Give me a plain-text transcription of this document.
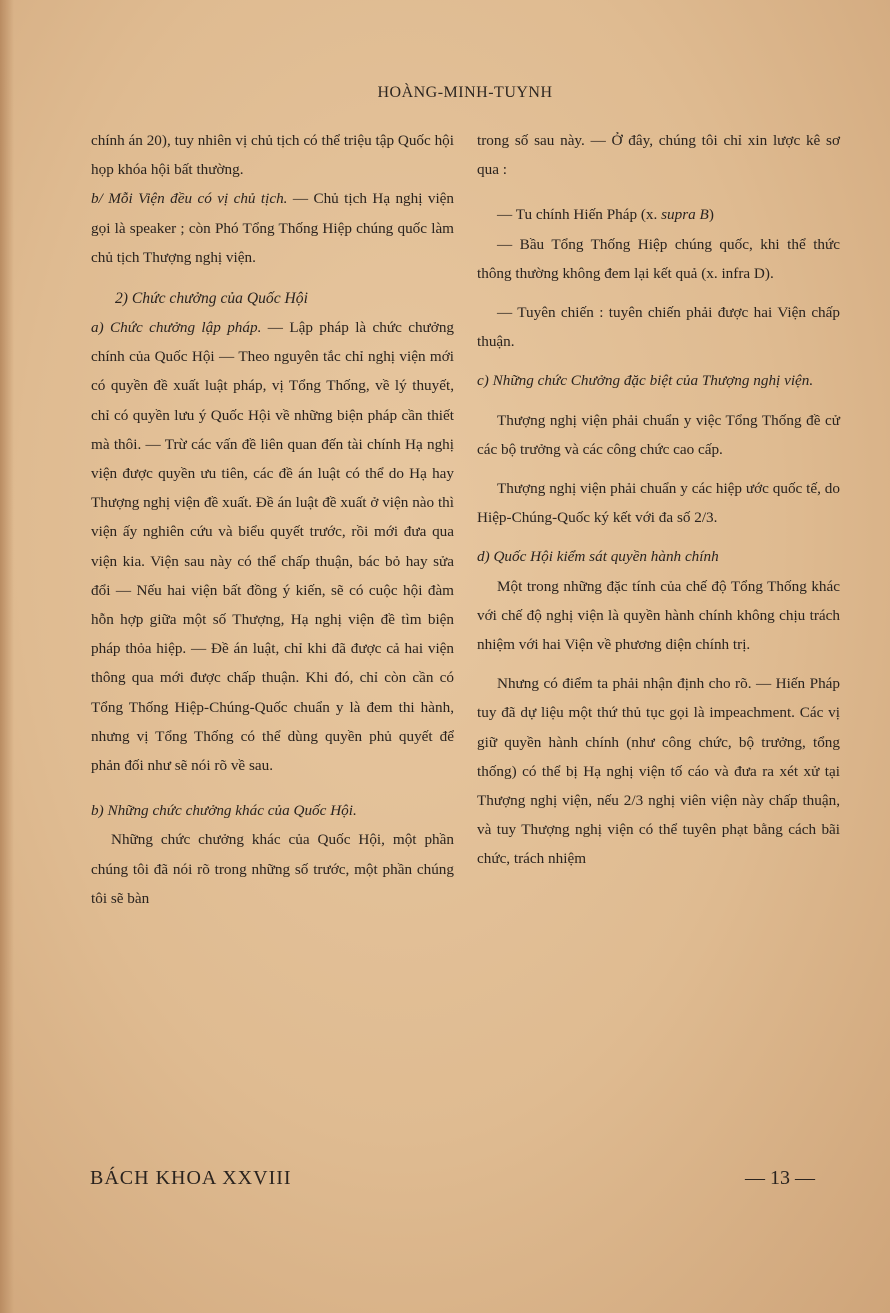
HOÀNG-MINH-TUYNH

chính án 20), tuy nhiên vị chủ tịch có thể triệu tập Quốc hội họp khóa hội bất thường.

b/ Mỗi Viện đều có vị chủ tịch. — Chủ tịch Hạ nghị viện gọi là speaker ; còn Phó Tổng Thống Hiệp chúng quốc làm chủ tịch Thượng nghị viện.

2) Chức chưởng của Quốc Hội

a) Chức chưởng lập pháp. — Lập pháp là chức chưởng chính của Quốc Hội — Theo nguyên tắc chỉ nghị viện mới có quyền đề xuất luật pháp, vị Tổng Thống, về lý thuyết, chỉ có quyền lưu ý Quốc Hội về những biện pháp cần thiết mà thôi. — Trừ các vấn đề liên quan đến tài chính Hạ nghị viện được quyền ưu tiên, các đề án luật có thể do Hạ hay Thượng nghị viện đề xuất. Đề án luật đề xuất ở viện nào thì viện ấy nghiên cứu và biểu quyết trước, rồi mới đưa qua viện kia. Viện sau này có thể chấp thuận, bác bỏ hay sửa đổi — Nếu hai viện bất đồng ý kiến, sẽ có cuộc hội đàm hỗn hợp giữa một số Thượng, Hạ nghị viện đề tìm biện pháp thỏa hiệp. — Đề án luật, chỉ khi đã được cả hai viện thông qua mới được chấp thuận. Khi đó, chỉ còn cần có Tổng Thống Hiệp-Chúng-Quốc chuẩn y là đem thi hành, nhưng vị Tổng Thống có thể dùng quyền phủ quyết để phản đối như sẽ nói rõ về sau.

b) Những chức chưởng khác của Quốc Hội.

Những chức chưởng khác của Quốc Hội, một phần chúng tôi đã nói rõ trong những số trước, một phần chúng tôi sẽ bàn

trong số sau này. — Ở đây, chúng tôi chỉ xin lược kê sơ qua :

— Tu chính Hiến Pháp (x. supra B)

— Bầu Tổng Thống Hiệp chúng quốc, khi thể thức thông thường không đem lại kết quả (x. infra D).

— Tuyên chiến : tuyên chiến phải được hai Viện chấp thuận.

c) Những chức Chưởng đặc biệt của Thượng nghị viện.

Thượng nghị viện phải chuẩn y việc Tổng Thống đề cử các bộ trưởng và các công chức cao cấp.

Thượng nghị viện phải chuẩn y các hiệp ước quốc tế, do Hiệp-Chúng-Quốc ký kết với đa số 2/3.

d) Quốc Hội kiểm sát quyền hành chính

Một trong những đặc tính của chế độ Tổng Thống khác với chế độ nghị viện là quyền hành chính không chịu trách nhiệm với hai Viện về phương diện chính trị.

Nhưng có điểm ta phải nhận định cho rõ. — Hiến Pháp tuy đã dự liệu một thứ thủ tục gọi là impeachment. Các vị giữ quyền hành chính (như công chức, bộ trưởng, tổng thống) có thể bị Hạ nghị viện tố cáo và đưa ra xét xử tại Thượng nghị viện, nếu 2/3 nghị viên viện này chấp thuận, và tuy Thượng nghị viện có thể tuyên phạt bằng cách bãi chức, trách nhiệm

BÁCH KHOA XXVIII	— 13 —
